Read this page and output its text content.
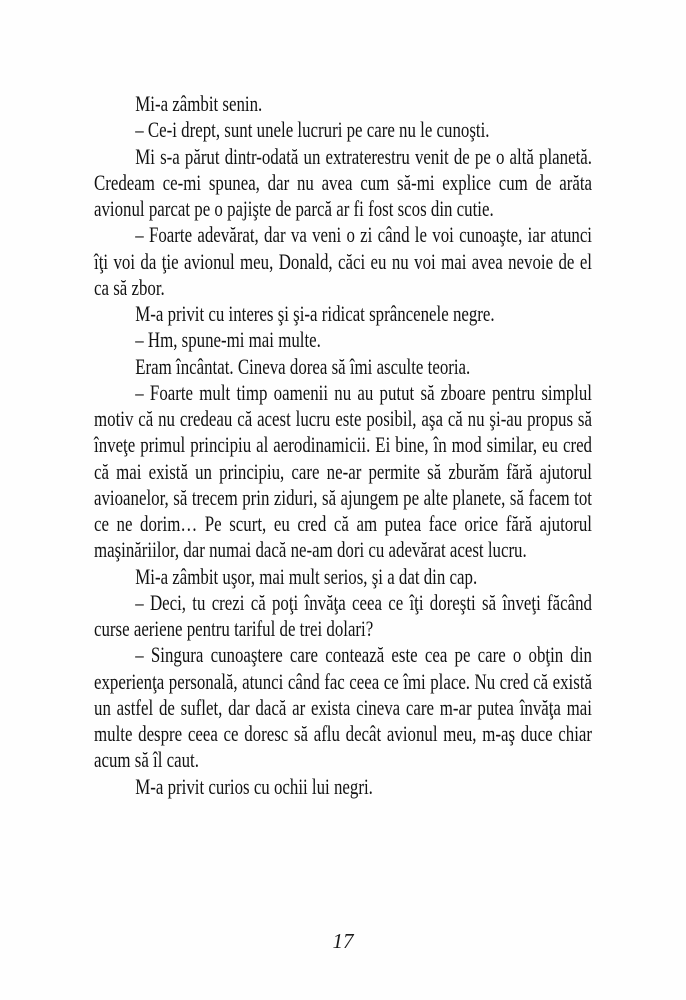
Mi-a zâmbit senin.

– Ce-i drept, sunt unele lucruri pe care nu le cunoşti.

Mi s-a părut dintr-odată un extraterestru venit de pe o altă planetă. Credeam ce-mi spunea, dar nu avea cum să-mi explice cum de arăta avionul parcat pe o pajişte de parcă ar fi fost scos din cutie.

– Foarte adevărat, dar va veni o zi când le voi cunoaşte, iar atunci îţi voi da ţie avionul meu, Donald, căci eu nu voi mai avea nevoie de el ca să zbor.

M-a privit cu interes şi şi-a ridicat sprâncenele negre.

– Hm, spune-mi mai multe.

Eram încântat. Cineva dorea să îmi asculte teoria.

– Foarte mult timp oamenii nu au putut să zboare pentru simplul motiv că nu credeau că acest lucru este posibil, aşa că nu şi-au propus să înveţe primul principiu al aerodinamicii. Ei bine, în mod similar, eu cred că mai există un principiu, care ne-ar permite să zburăm fără ajutorul avioanelor, să trecem prin ziduri, să ajungem pe alte planete, să facem tot ce ne dorim… Pe scurt, eu cred că am putea face orice fără ajutorul maşinăriilor, dar numai dacă ne-am dori cu adevărat acest lucru.

Mi-a zâmbit uşor, mai mult serios, şi a dat din cap.

– Deci, tu crezi că poţi învăţa ceea ce îţi doreşti să înveţi făcând curse aeriene pentru tariful de trei dolari?

– Singura cunoaştere care contează este cea pe care o obţin din experienţa personală, atunci când fac ceea ce îmi place. Nu cred că există un astfel de suflet, dar dacă ar exista cineva care m-ar putea învăţa mai multe despre ceea ce doresc să aflu decât avionul meu, m-aş duce chiar acum să îl caut.

M-a privit curios cu ochii lui negri.

17
